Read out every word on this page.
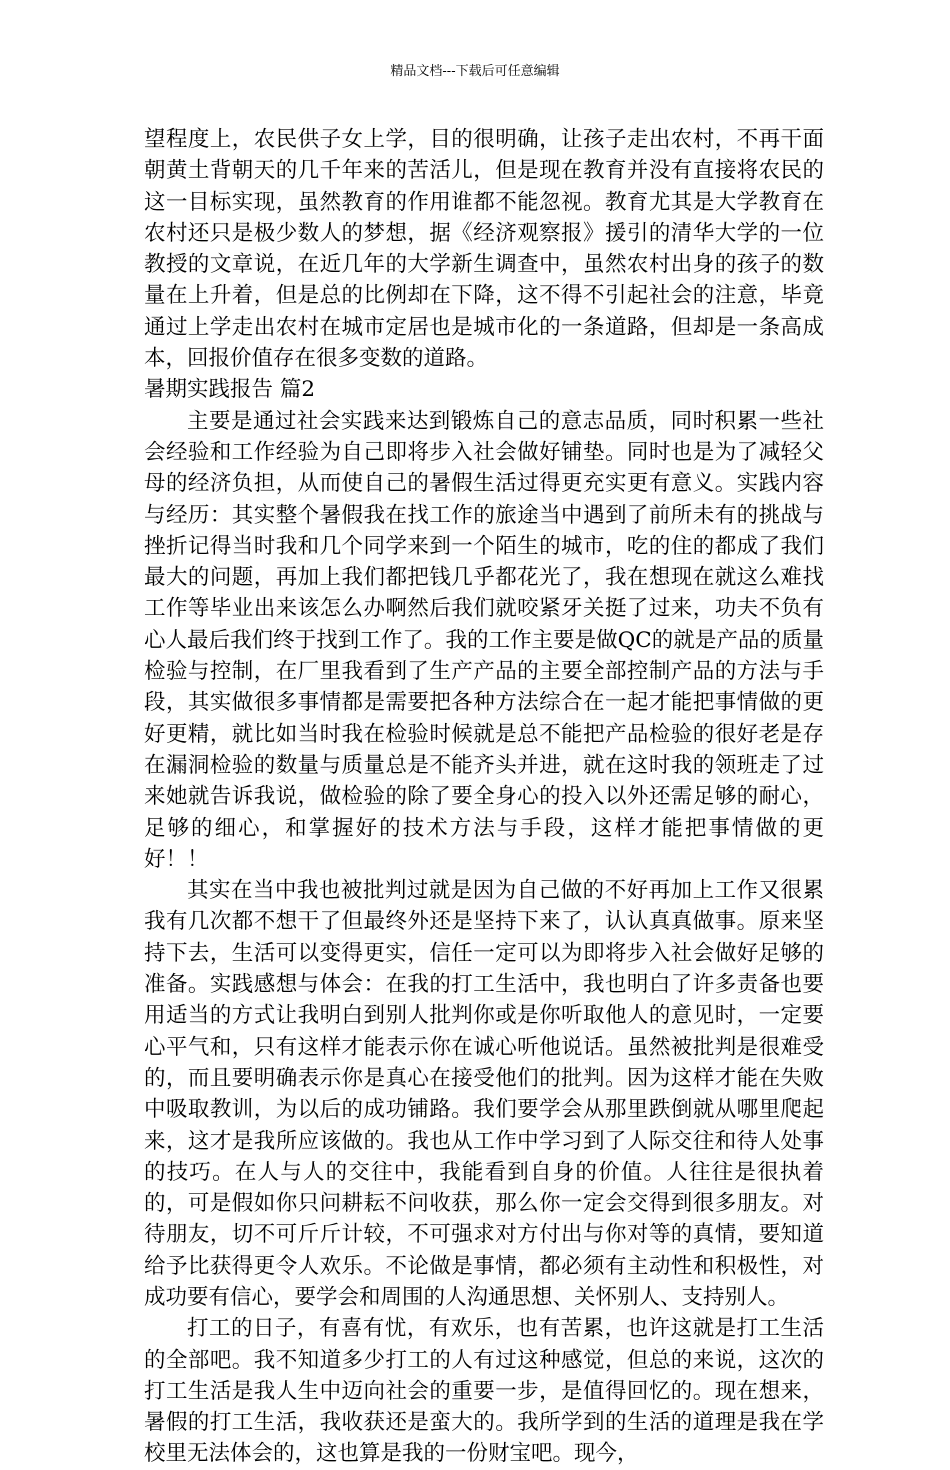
精品文档---下载后可任意编辑

望程度上，农民供子女上学，目的很明确，让孩子走出农村，不再干面朝黄土背朝天的几千年来的苦活儿，但是现在教育并没有直接将农民的这一目标实现，虽然教育的作用谁都不能忽视。教育尤其是大学教育在农村还只是极少数人的梦想，据《经济观察报》援引的清华大学的一位教授的文章说，在近几年的大学新生调查中，虽然农村出身的孩子的数量在上升着，但是总的比例却在下降，这不得不引起社会的注意，毕竟通过上学走出农村在城市定居也是城市化的一条道路，但却是一条高成本，回报价值存在很多变数的道路。

暑期实践报告 篇2

主要是通过社会实践来达到锻炼自己的意志品质，同时积累一些社会经验和工作经验为自己即将步入社会做好铺垫。同时也是为了减轻父母的经济负担，从而使自己的暑假生活过得更充实更有意义。实践内容与经历：其实整个暑假我在找工作的旅途当中遇到了前所未有的挑战与挫折记得当时我和几个同学来到一个陌生的城市，吃的住的都成了我们最大的问题，再加上我们都把钱几乎都花光了，我在想现在就这么难找工作等毕业出来该怎么办啊然后我们就咬紧牙关挺了过来，功夫不负有心人最后我们终于找到工作了。我的工作主要是做QC的就是产品的质量检验与控制，在厂里我看到了生产产品的主要全部控制产品的方法与手段，其实做很多事情都是需要把各种方法综合在一起才能把事情做的更好更精，就比如当时我在检验时候就是总不能把产品检验的很好老是存在漏洞检验的数量与质量总是不能齐头并进，就在这时我的领班走了过来她就告诉我说，做检验的除了要全身心的投入以外还需足够的耐心，足够的细心，和掌握好的技术方法与手段，这样才能把事情做的更好！！

其实在当中我也被批判过就是因为自己做的不好再加上工作又很累我有几次都不想干了但最终外还是坚持下来了，认认真真做事。原来坚持下去，生活可以变得更实，信任一定可以为即将步入社会做好足够的准备。实践感想与体会：在我的打工生活中，我也明白了许多责备也要用适当的方式让我明白到别人批判你或是你听取他人的意见时，一定要心平气和，只有这样才能表示你在诚心听他说话。虽然被批判是很难受的，而且要明确表示你是真心在接受他们的批判。因为这样才能在失败中吸取教训，为以后的成功铺路。我们要学会从那里跌倒就从哪里爬起来，这才是我所应该做的。我也从工作中学习到了人际交往和待人处事的技巧。在人与人的交往中，我能看到自身的价值。人往往是很执着的，可是假如你只问耕耘不问收获，那么你一定会交得到很多朋友。对待朋友，切不可斤斤计较，不可强求对方付出与你对等的真情，要知道给予比获得更令人欢乐。不论做是事情，都必须有主动性和积极性，对成功要有信心，要学会和周围的人沟通思想、关怀别人、支持别人。

打工的日子，有喜有忧，有欢乐，也有苦累，也许这就是打工生活的全部吧。我不知道多少打工的人有过这种感觉，但总的来说，这次的打工生活是我人生中迈向社会的重要一步，是值得回忆的。现在想来，暑假的打工生活，我收获还是蛮大的。我所学到的生活的道理是我在学校里无法体会的，这也算是我的一份财宝吧。现今，
